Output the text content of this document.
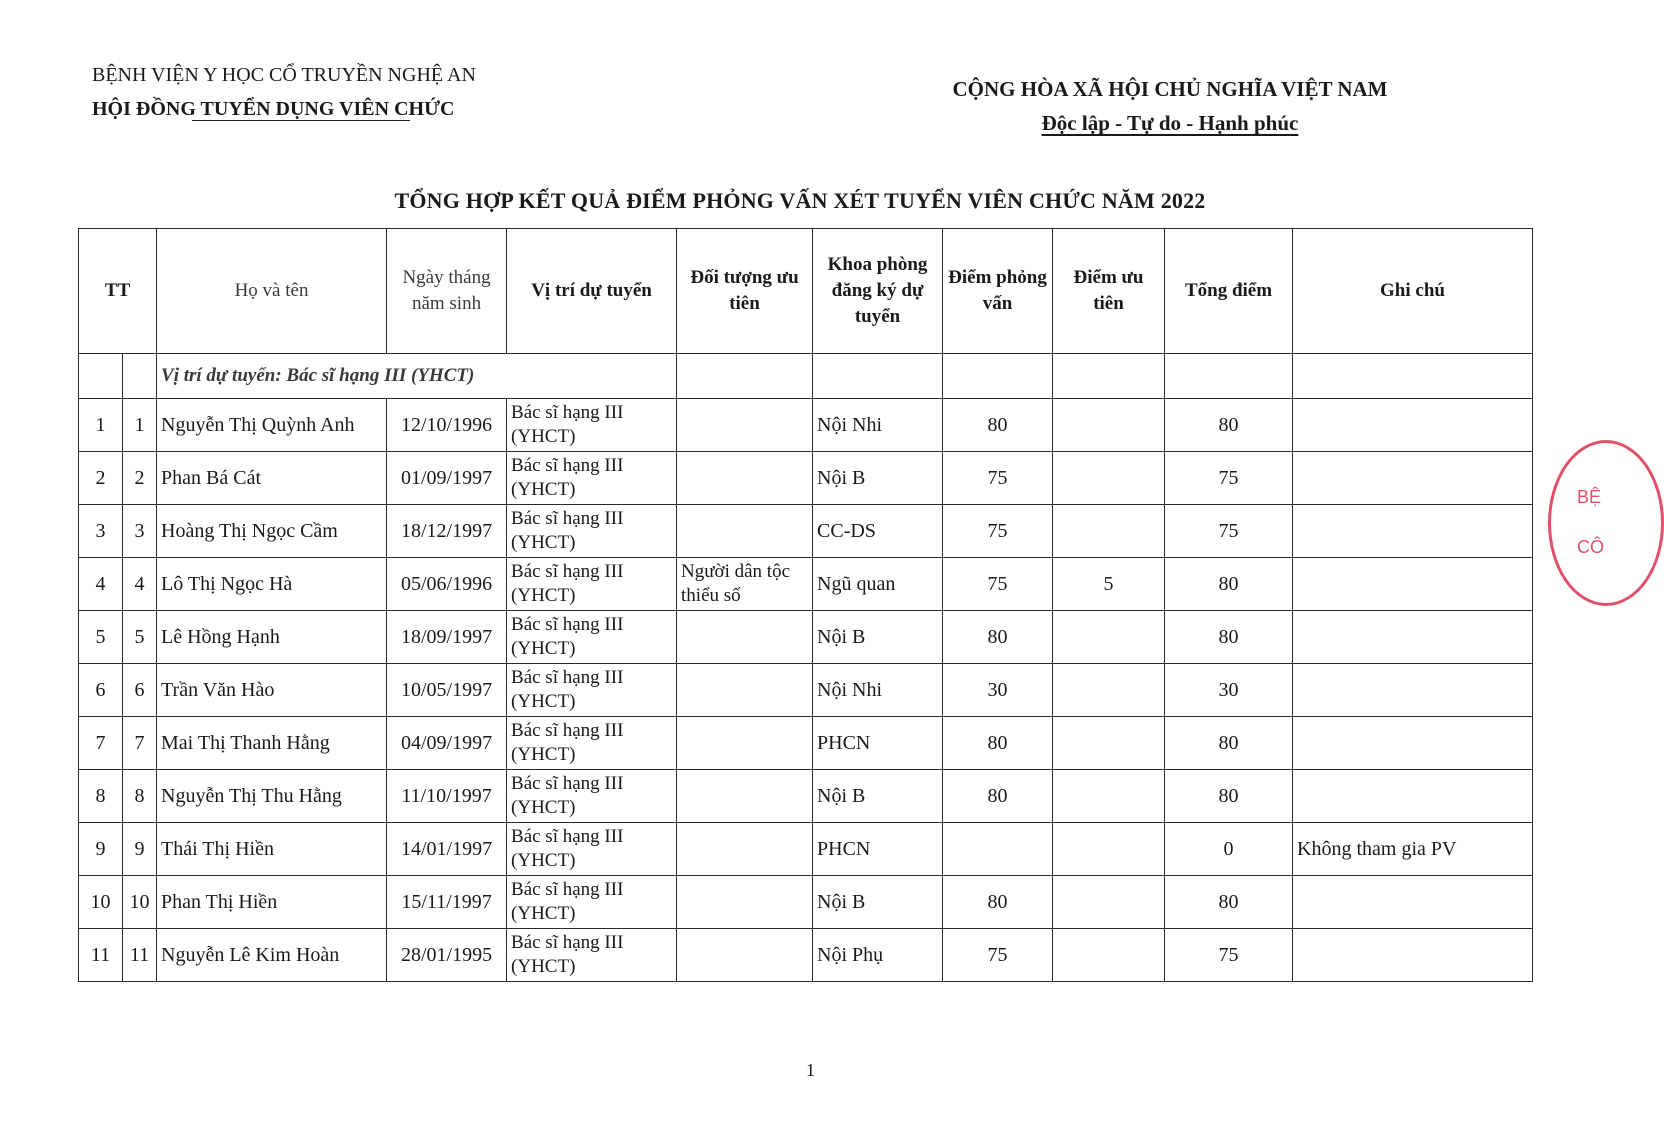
BỆNH VIỆN Y HỌC CỔ TRUYỀN NGHỆ AN
HỘI ĐỒNG TUYỂN DỤNG VIÊN CHỨC
CỘNG HÒA XÃ HỘI CHỦ NGHĨA VIỆT NAM
Độc lập - Tự do - Hạnh phúc
TỔNG HỢP KẾT QUẢ ĐIỂM PHỎNG VẤN XÉT TUYỂN VIÊN CHỨC NĂM 2022
TT		Họ và tên	Ngày tháng năm sinh	Vị trí dự tuyển	Đối tượng ưu tiên	Khoa phòng đăng ký dự tuyển	Điểm phỏng vấn	Điểm ưu tiên	Tổng điểm	Ghi chú
		Vị trí dự tuyển: Bác sĩ hạng III (YHCT)								
1	1	Nguyễn Thị Quỳnh Anh	12/10/1996	Bác sĩ hạng III (YHCT)		Nội Nhi	80		80	
2	2	Phan Bá Cát	01/09/1997	Bác sĩ hạng III (YHCT)		Nội B	75		75	
3	3	Hoàng Thị Ngọc Cầm	18/12/1997	Bác sĩ hạng III (YHCT)		CC-DS	75		75	
4	4	Lô Thị Ngọc Hà	05/06/1996	Bác sĩ hạng III (YHCT)	Người dân tộc thiểu số	Ngũ quan	75	5	80	
5	5	Lê Hồng Hạnh	18/09/1997	Bác sĩ hạng III (YHCT)		Nội B	80		80	
6	6	Trần Văn Hào	10/05/1997	Bác sĩ hạng III (YHCT)		Nội Nhi	30		30	
7	7	Mai Thị Thanh Hằng	04/09/1997	Bác sĩ hạng III (YHCT)		PHCN	80		80	
8	8	Nguyễn Thị Thu Hằng	11/10/1997	Bác sĩ hạng III (YHCT)		Nội B	80		80	
9	9	Thái Thị Hiền	14/01/1997	Bác sĩ hạng III (YHCT)		PHCN			0	Không tham gia PV
10	10	Phan Thị Hiền	15/11/1997	Bác sĩ hạng III (YHCT)		Nội B	80		80	
11	11	Nguyễn Lê Kim Hoàn	28/01/1995	Bác sĩ hạng III (YHCT)		Nội Phụ	75		75	
1
BỆ
CÔ
